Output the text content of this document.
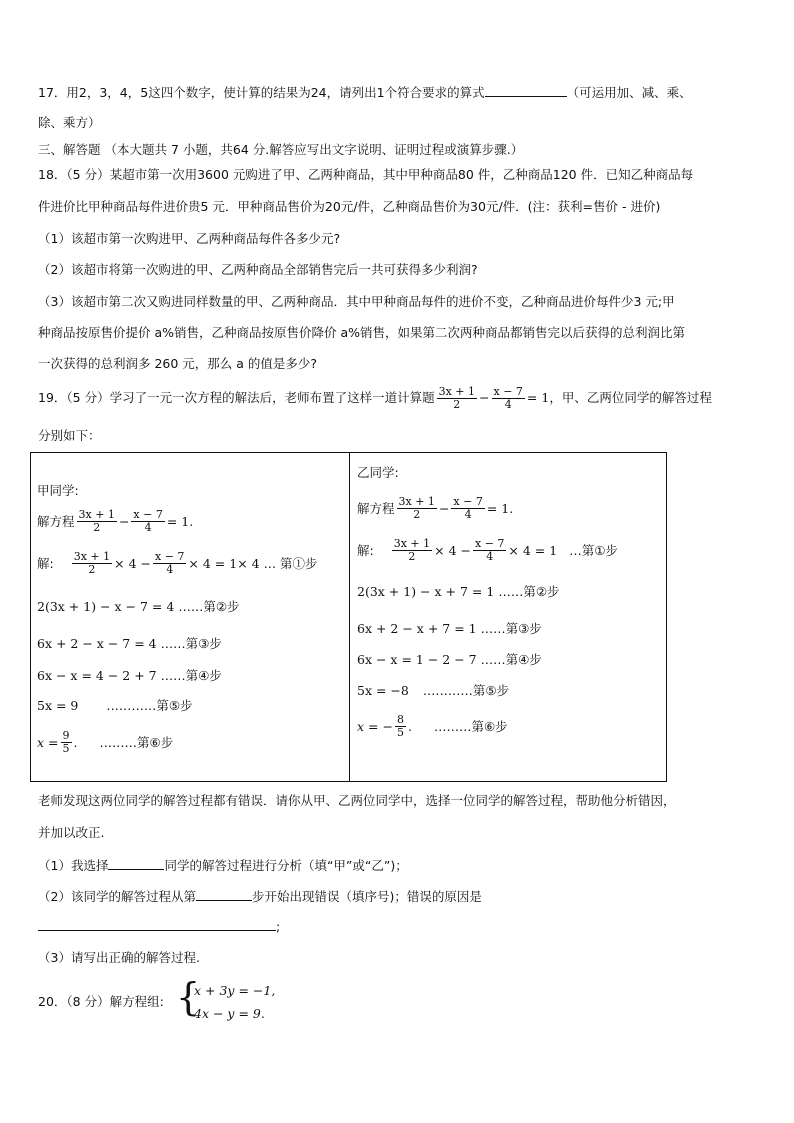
17．用2，3，4，5这四个数字，使计算的结果为24，请列出1个符合要求的算式	（可运用加、减、乘、
除、乘方）
三、解答题 （本大题共 7 小题，共64 分.解答应写出文字说明、证明过程或演算步骤.）
18．（5 分）某超市第一次用3600 元购进了甲、乙两种商品，其中甲种商品80 件，乙种商品120 件．已知乙种商品每
件进价比甲种商品每件进价贵5 元．甲种商品售价为20元/件，乙种商品售价为30元/件．(注：获利=售价 - 进价)
（1）该超市第一次购进甲、乙两种商品每件各多少元?
（2）该超市将第一次购进的甲、乙两种商品全部销售完后一共可获得多少利润?
（3）该超市第二次又购进同样数量的甲、乙两种商品．其中甲种商品每件的进价不变，乙种商品进价每件少3 元;甲
种商品按原售价提价 a%销售，乙种商品按原售价降价 a%销售，如果第二次两种商品都销售完以后获得的总利润比第
一次获得的总利润多 260 元，那么 a 的值是多少?
19．（5 分）学习了一元一次方程的解法后，老师布置了这样一道计算题 $\frac{3x + 1}{2} - \frac{x - 7}{4} = 1$ ，甲、乙两位同学的解答过程
分别如下：
甲同学:
解方程 $\frac{3x + 1}{2} - \frac{x - 7}{4} = 1$ .
解: $\frac{3x + 1}{2} \times 4 - \frac{x - 7}{4} \times 4 = 1\times 4$ … 第①步
2(3x + 1) − x − 7 = 4 ……第②步
6x + 2 − x − 7 = 4 ……第③步
6x − x = 4 − 2 + 7 ……第④步
5x = 9 …………第⑤步
$x = \frac{9}{5}$ . ………第⑥步
乙同学:
解方程 $\frac{3x + 1}{2} - \frac{x - 7}{4} = 1$ .
解: $\frac{3x + 1}{2} \times 4 - \frac{x - 7}{4} \times 4 = 1$ …第①步
2(3x + 1) − x + 7 = 1 ……第②步
6x + 2 − x + 7 = 1 ……第③步
6x − x = 1 − 2 − 7 ……第④步
5x = −8 …………第⑤步
x = − $\frac{8}{5}$ . ………第⑥步
老师发现这两位同学的解答过程都有错误．请你从甲、乙两位同学中，选择一位同学的解答过程，帮助他分析错因，
并加以改正.
（1）我选择	同学的解答过程进行分析（填“甲”或“乙”)；
（2）该同学的解答过程从第	步开始出现错误（填序号)；错误的原因是
;
（3）请写出正确的解答过程.
20．（8 分）解方程组: {
x + 3y = −1,
4x − y = 9.
